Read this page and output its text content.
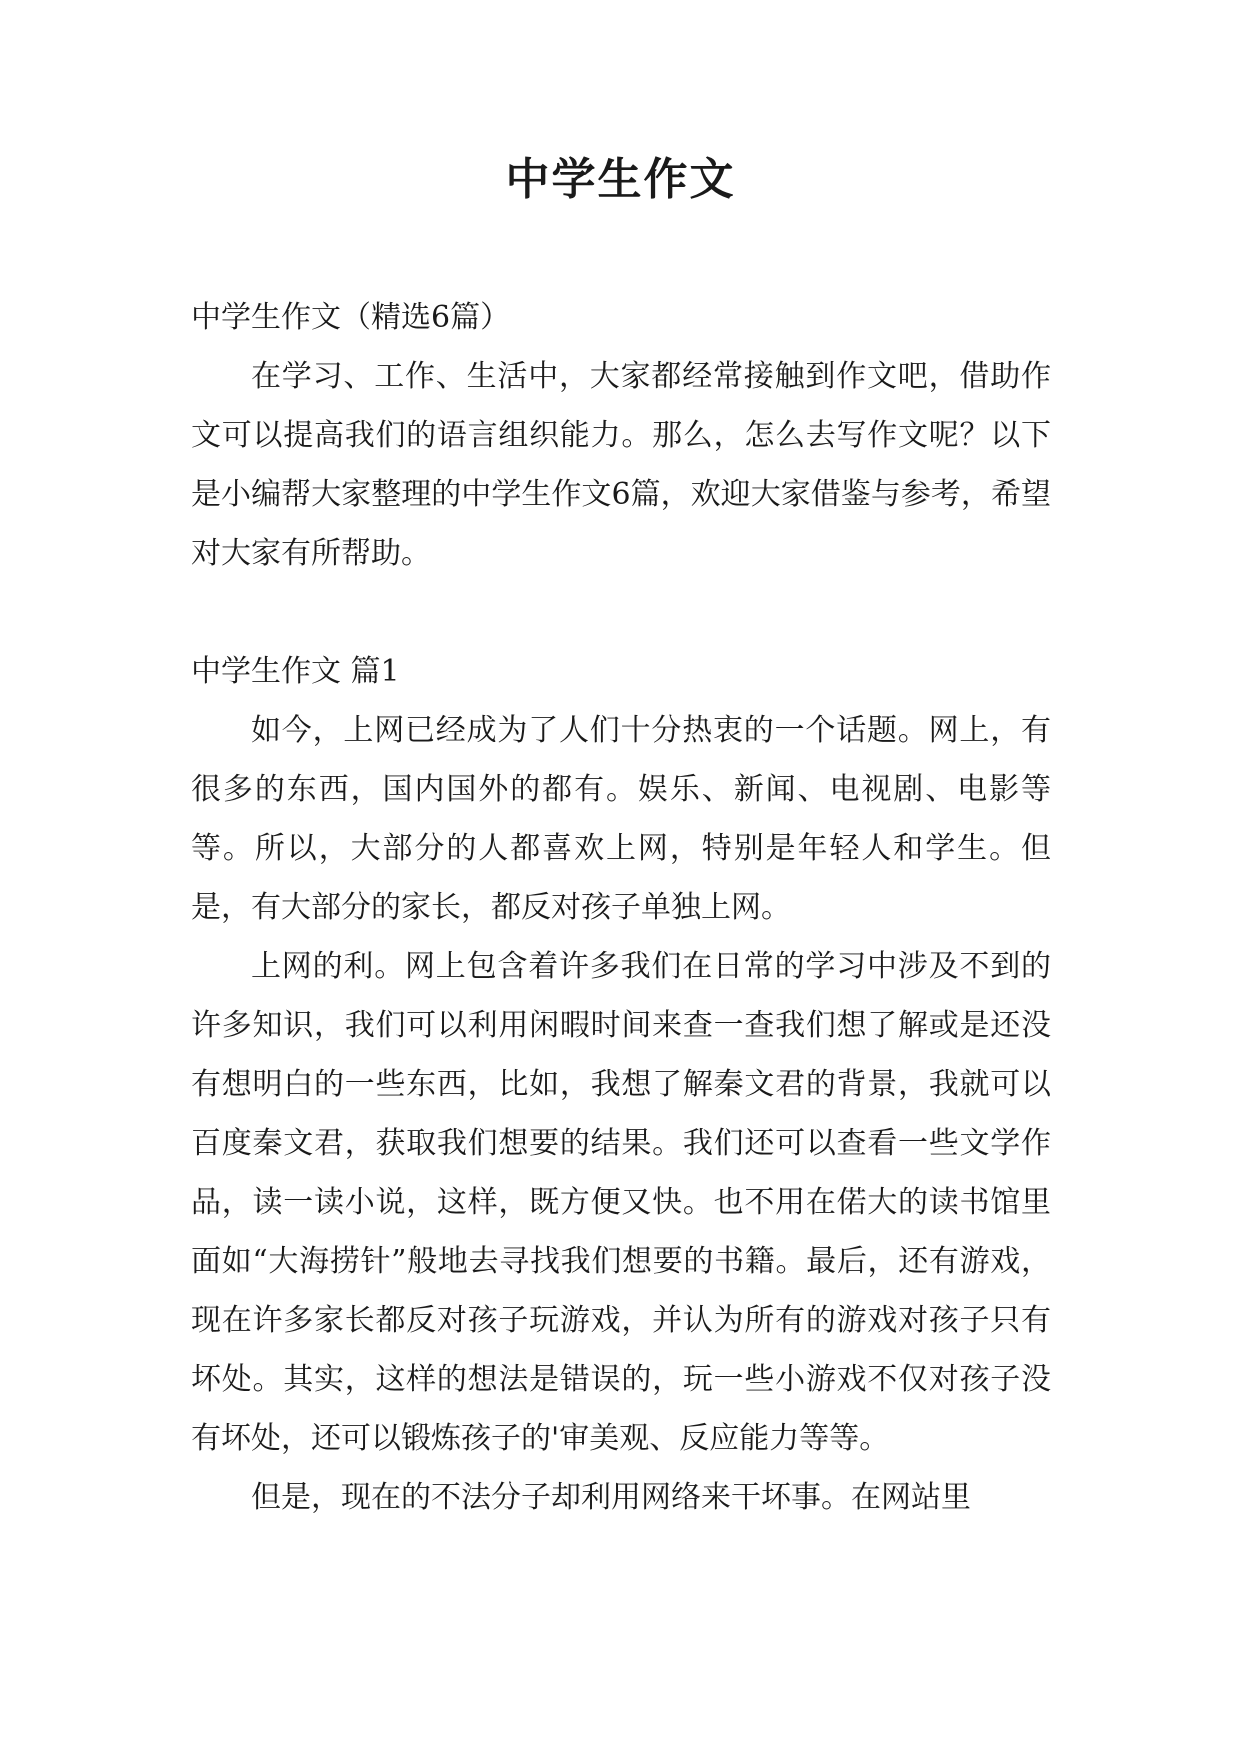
中学生作文

中学生作文（精选6篇）

在学习、工作、生活中，大家都经常接触到作文吧，借助作文可以提高我们的语言组织能力。那么，怎么去写作文呢？以下是小编帮大家整理的中学生作文6篇，欢迎大家借鉴与参考，希望对大家有所帮助。

中学生作文 篇1

如今，上网已经成为了人们十分热衷的一个话题。网上，有很多的东西，国内国外的都有。娱乐、新闻、电视剧、电影等等。所以，大部分的人都喜欢上网，特别是年轻人和学生。但是，有大部分的家长，都反对孩子单独上网。

上网的利。网上包含着许多我们在日常的学习中涉及不到的许多知识，我们可以利用闲暇时间来查一查我们想了解或是还没有想明白的一些东西，比如，我想了解秦文君的背景，我就可以百度秦文君，获取我们想要的结果。我们还可以查看一些文学作品，读一读小说，这样，既方便又快。也不用在偌大的读书馆里面如“大海捞针”般地去寻找我们想要的书籍。最后，还有游戏，现在许多家长都反对孩子玩游戏，并认为所有的游戏对孩子只有坏处。其实，这样的想法是错误的，玩一些小游戏不仅对孩子没有坏处，还可以锻炼孩子的'审美观、反应能力等等。

但是，现在的不法分子却利用网络来干坏事。在网站里
